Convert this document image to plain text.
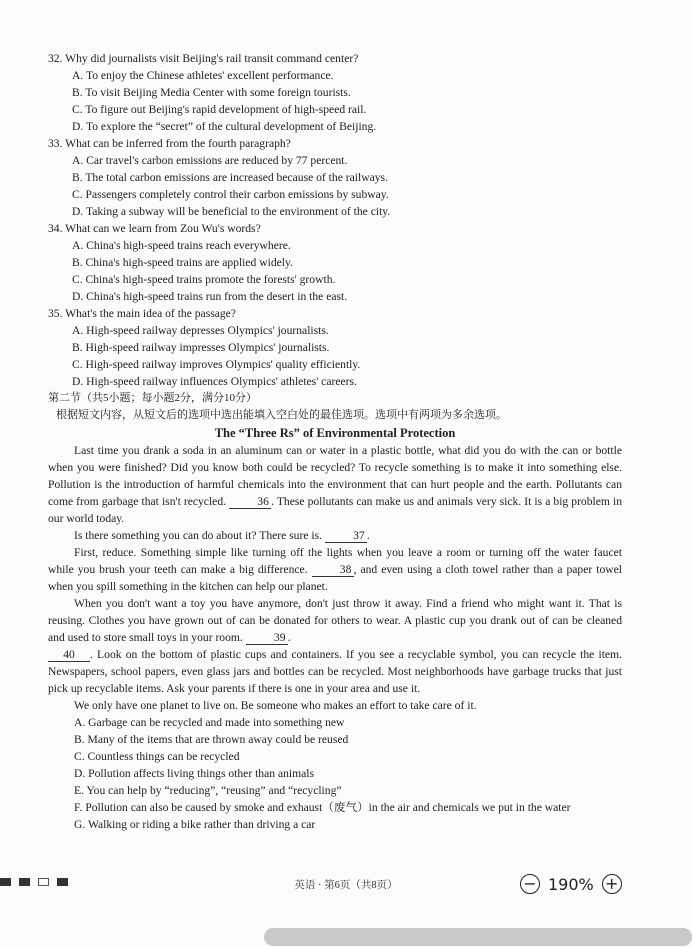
32. Why did journalists visit Beijing's rail transit command center?
A. To enjoy the Chinese athletes' excellent performance.
B. To visit Beijing Media Center with some foreign tourists.
C. To figure out Beijing's rapid development of high-speed rail.
D. To explore the “secret” of the cultural development of Beijing.
33. What can be inferred from the fourth paragraph?
A. Car travel's carbon emissions are reduced by 77 percent.
B. The total carbon emissions are increased because of the railways.
C. Passengers completely control their carbon emissions by subway.
D. Taking a subway will be beneficial to the environment of the city.
34. What can we learn from Zou Wu's words?
A. China's high-speed trains reach everywhere.
B. China's high-speed trains are applied widely.
C. China's high-speed trains promote the forests' growth.
D. China's high-speed trains run from the desert in the east.
35. What's the main idea of the passage?
A. High-speed railway depresses Olympics' journalists.
B. High-speed railway impresses Olympics' journalists.
C. High-speed railway improves Olympics' quality efficiently.
D. High-speed railway influences Olympics' athletes' careers.
第二节（共5小题；每小题2分，满分10分）
根据短文内容，从短文后的选项中选出能填入空白处的最佳选项。选项中有两项为多余选项。
The “Three Rs” of Environmental Protection
Last time you drank a soda in an aluminum can or water in a plastic bottle, what did you do with the can or bottle when you were finished? Did you know both could be recycled? To recycle something is to make it into something else. Pollution is the introduction of harmful chemicals into the environment that can hurt people and the earth. Pollutants can come from garbage that isn't recycled. 36 . These pollutants can make us and animals very sick. It is a big problem in our world today.
Is there something you can do about it? There sure is. 37 .
First, reduce. Something simple like turning off the lights when you leave a room or turning off the water faucet while you brush your teeth can make a big difference. 38 , and even using a cloth towel rather than a paper towel when you spill something in the kitchen can help our planet.
When you don't want a toy you have anymore, don't just throw it away. Find a friend who might want it. That is reusing. Clothes you have grown out of can be donated for others to wear. A plastic cup you drank out of can be cleaned and used to store small toys in your room. 39 .
40 . Look on the bottom of plastic cups and containers. If you see a recyclable symbol, you can recycle the item. Newspapers, school papers, even glass jars and bottles can be recycled. Most neighborhoods have garbage trucks that just pick up recyclable items. Ask your parents if there is one in your area and use it.
We only have one planet to live on. Be someone who makes an effort to take care of it.
A. Garbage can be recycled and made into something new
B. Many of the items that are thrown away could be reused
C. Countless things can be recycled
D. Pollution affects living things other than animals
E. You can help by “reducing”, “reusing” and “recycling”
F. Pollution can also be caused by smoke and exhaust（废气）in the air and chemicals we put in the water
G. Walking or riding a bike rather than driving a car
英语 · 第6页（共8页）	− 190% +
